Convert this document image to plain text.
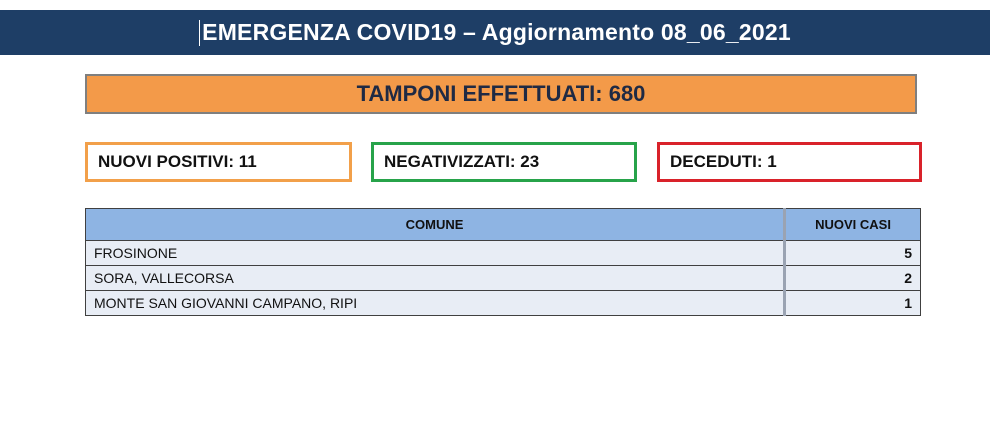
EMERGENZA COVID19 – Aggiornamento 08_06_2021
TAMPONI EFFETTUATI: 680
NUOVI POSITIVI: 11	NEGATIVIZZATI: 23	DECEDUTI: 1
COMUNE	NUOVI CASI
FROSINONE	5
SORA, VALLECORSA	2
MONTE SAN GIOVANNI CAMPANO, RIPI	1
